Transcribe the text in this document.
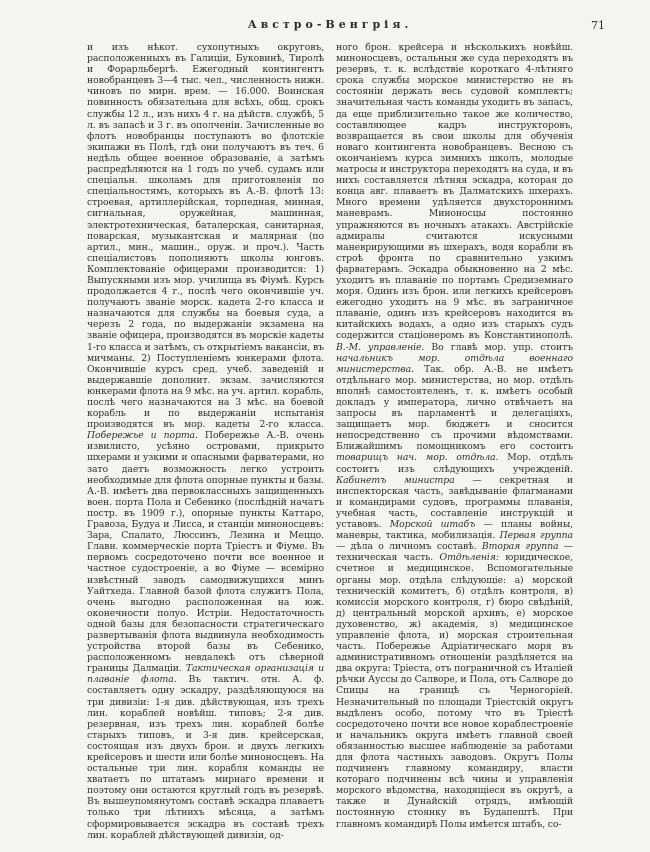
Австро-Венгрія.	71
и изъ нѣкот. сухопутныхъ округовъ, расположенныхъ въ Галиціи, Буковинѣ, Тиролѣ и Форарльбергѣ. Ежегодный контингентъ новобранцевъ 3—4 тыс. чел., численность нижн. чиновъ по мирн. врем. — 16.000. Воинская повинность обязательна для всѣхъ, общ. срокъ службы 12 л., изъ нихъ 4 г. на дѣйств. службѣ, 5 л. въ запасѣ и 3 г. въ ополченіи. Зачисленные во флотъ новобранцы поступаютъ во флотскіе экипажи въ Полѣ, гдѣ они получаютъ въ теч. 6 недѣль общее военное образованіе, а затѣмъ распредѣляются на 1 годъ по учеб. судамъ или спеціальн. школамъ для приготовленія по спеціальностямъ, которыхъ въ А.-В. флотѣ 13: строевая, артиллерійская, торпедная, минная, сигнальная, оружейная, машинная, электротехническая, баталерская, санитарная, поварская, музыкантская и малярная (по артил., мин., машин., оруж. и проч.). Часть спеціалистовъ пополняютъ школы юнговъ. Комплектованіе офицерами производится: 1) Выпускными изъ мор. училища въ Фіумѣ. Курсъ продолжается 4 г., послѣ чего окончившіе уч. получаютъ званіе морск. кадета 2-го класса и назначаются для службы на боевыя суда, а черезъ 2 года, по выдержаніи экзамена на званіе офицера, производятся въ морскіе кадеты 1-го класса и затѣмъ, съ открытіемъ вакансіи, въ мичманы. 2) Поступленіемъ юнкерами флота. Окончившіе курсъ сред. учеб. заведеній и выдержавшіе дополнит. экзам. зачисляются юнкерами флота на 9 мѣс. на уч. артил. корабль, послѣ чего назначаются на 3 мѣс. на боевой корабль и по выдержаніи испытанія производятся въ мор. кадеты 2-го класса. Побережье и порта. Побережье А.-В. очень извилисто, усѣяно островами, прикрыто шхерами и узкими и опасными фарватерами, но зато даетъ возможность легко устроить необходимые для флота опорные пункты и базы. А.-В. имѣетъ два первоклассныхъ защищенныхъ воен. порта Пола и Себенико (послѣдній начатъ постр. въ 1909 г.), опорные пункты Каттаро, Гравоза, Будуа и Лисса, и станціи миноносцевъ: Зара, Спалато, Люссинъ, Лезина и Меццо. Главн. коммерческіе порта Тріестъ и Фіуме. Въ первомъ сосредоточено почти все военное и частное судостроеніе, а во Фіуме — всемірно извѣстный заводъ самодвижущихся минъ Уайтхеда. Главной базой флота служитъ Пола, очень выгодно расположенная на юж. оконечности полуо. Истріи. Недостаточность одной базы для безопасности стратегическаго развертыванія флота выдвинула необходимость устройства второй базы въ Себенико, расположенномъ невдалекѣ отъ сѣверной границы Далмаціи. Тактическая организація и плаваніе флота. Въ тактич. отн. А. ф. составляетъ одну эскадру, раздѣляющуюся на три дивизіи: 1-я див. дѣйствующая, изъ трехъ лин. кораблей новѣйш. типовъ; 2-я див. резервная, изъ трехъ лин. кораблей болѣе старыхъ типовъ, и 3-я див. крейсерская, состоящая изъ двухъ брон. и двухъ легкихъ крейсеровъ и шести или болѣе миноносцевъ. На остальные три лин. корабля команды не хватаетъ по штатамъ мирнаго времени и поэтому они остаются круглый годъ въ резервѣ. Въ вышеупомянутомъ составѣ эскадра плаваетъ только три лѣтнихъ мѣсяца, а затѣмъ сформировывается эскадра въ составѣ трехъ лин. кораблей дѣйствующей дивизіи, од-
ного брон. крейсера и нѣсколькихъ новѣйш. миноносцевъ, остальныя же суда переходятъ въ резервъ, т. к. вслѣдствіе короткаго 4-лѣтняго срока службы морское министерство не въ состояніи держать весь судовой комплектъ; значительная часть команды уходитъ въ запасъ, да еще приблизительно такое же количество, составляющее кадръ инструкторовъ, возвращается въ свои школы для обученія новаго контингента новобранцевъ. Весною съ окончаніемъ курса зимнихъ школъ, молодые матросы и инструктора переходятъ на суда, и въ нихъ составляется лѣтняя эскадра, которая до конца авг. плаваетъ въ Далматскихъ шхерахъ. Много времени удѣляется двухстороннимъ маневрамъ. Миноносцы постоянно упражняются въ ночныхъ атакахъ. Австрійскіе адмиралы считаются искусными маневрирующими въ шхерахъ, водя корабли въ строѣ фронта по сравнительно узкимъ фарватерамъ. Эскадра обыкновенно на 2 мѣс. уходитъ въ плаваніе по портамъ Средиземнаго моря. Одинъ изъ брон. или легкихъ крейсеровъ ежегодно уходитъ на 9 мѣс. въ заграничное плаваніе, одинъ изъ крейсеровъ находится въ китайскихъ водахъ, а одно изъ старыхъ судъ содержится стаціонеромъ въ Константинополѣ. В.-М. управленіе. Во главѣ мор. упр. стоитъ начальникъ мор. отдѣла военнаго министерства. Так. обр. А.-В. не имѣетъ отдѣльнаго мор. министерства, но мор. отдѣлъ вполнѣ самостоятеленъ, т. к. имѣетъ особый докладъ у императора, лично отвѣчаетъ на запросы въ парламентѣ и делегаціяхъ, защищаетъ мор. бюджетъ и сносится непосредственно съ прочими вѣдомствами. Ближайшимъ помощникомъ его состоитъ товарищъ нач. мор. отдѣла. Мор. отдѣлъ состоитъ изъ слѣдующихъ учрежденій. Кабинетъ министра — секретная и инспекторская часть, завѣдываніе флагманами и командирами судовъ, программы плаванія, учебная часть, составленіе инструкцій и уставовъ. Морской штабъ — планы войны, маневры, тактика, мобилизація. Первая группа — дѣла о личномъ составѣ. Вторая группа — техническая часть. Отдѣленія: юридическое, счетное и медицинское. Вспомогательные органы мор. отдѣла слѣдующіе: а) морской техническій комитетъ, б) отдѣлъ контроля, в) комиссія морского контроля, г) бюро свѣдѣній, д) центральный морской архивъ, е) морское духовенство, ж) академія, з) медицинское управленіе флота, и) морская строительная часть. Побережье Адріатическаго моря въ административномъ отношеніи раздѣляется на два округа: Тріеста, отъ пограничной съ Италіей рѣчки Ауссы до Салворе, и Пола, отъ Салворе до Спицы на границѣ съ Черногоріей. Незначительный по площади Тріестскій округъ выдѣленъ особо, потому что въ Тріестѣ сосредоточено почти все новое кораблестроеніе и начальникъ округа имѣетъ главной своей обязанностью высшее наблюденіе за работами для флота частныхъ заводовъ. Округъ Полы подчиненъ главному командиру, власти котораго подчинены всѣ чины и управленія морского вѣдомства, находящіеся въ округѣ, а также и Дунайскій отрядъ, имѣющій постоянную стоянку въ Будапештѣ. При главномъ командирѣ Полы имѣется штабъ, со-
